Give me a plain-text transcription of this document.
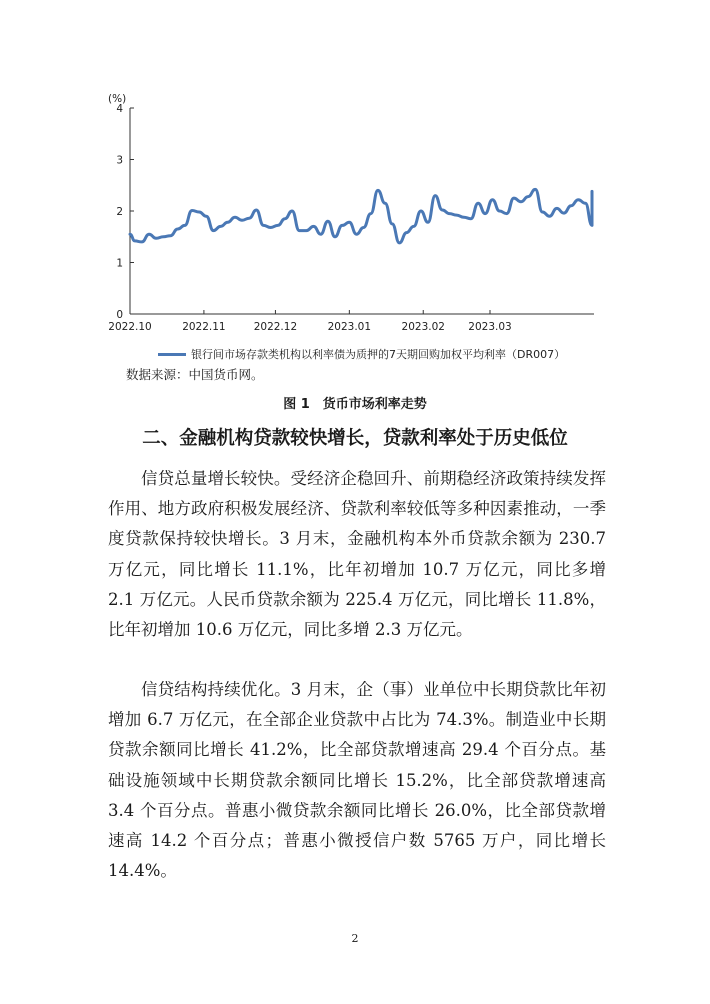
(%)
0
1
2
3
4
2022.10	2022.11	2022.12	2023.01	2023.02 2023.03
银行间市场存款类机构以利率债为质押的7天期回购加权平均利率（DR007）
数据来源：中国货币网。
图 1　货币市场利率走势
二、金融机构贷款较快增长，贷款利率处于历史低位

信贷总量增长较快。受经济企稳回升、前期稳经济政策持续发挥作用、地方政府积极发展经济、贷款利率较低等多种因素推动，一季度贷款保持较快增长。3 月末，金融机构本外币贷款余额为 230.7 万亿元，同比增长 11.1%，比年初增加 10.7 万亿元，同比多增 2.1 万亿元。人民币贷款余额为 225.4 万亿元，同比增长 11.8%，比年初增加 10.6 万亿元，同比多增 2.3 万亿元。

信贷结构持续优化。3 月末，企（事）业单位中长期贷款比年初增加 6.7 万亿元，在全部企业贷款中占比为 74.3%。制造业中长期贷款余额同比增长 41.2%，比全部贷款增速高 29.4 个百分点。基础设施领域中长期贷款余额同比增长 15.2%，比全部贷款增速高 3.4 个百分点。普惠小微贷款余额同比增长 26.0%，比全部贷款增速高 14.2 个百分点；普惠小微授信户数 5765 万户，同比增长 14.4%。

2
